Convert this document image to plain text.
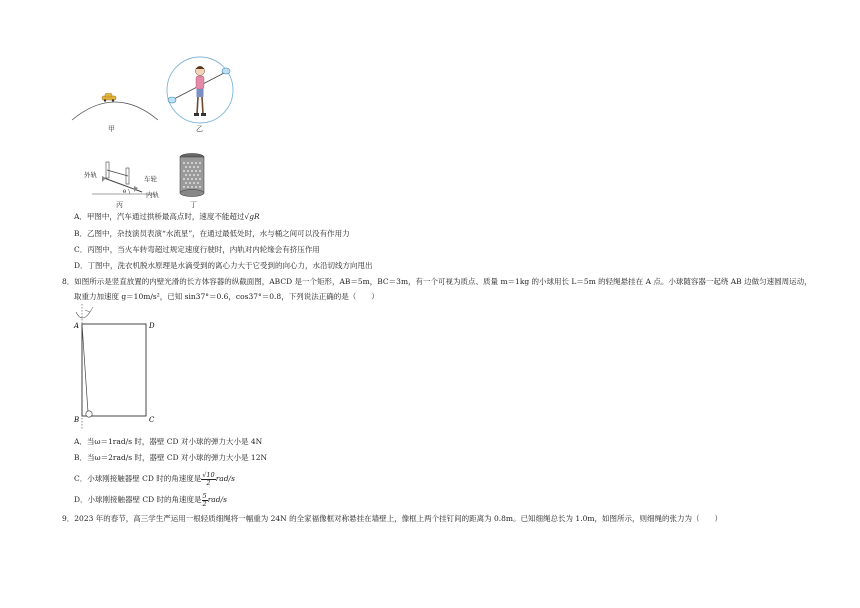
甲	乙
θ
外轨	车轮
内轨
丙	丁
A．甲图中，汽车通过拱桥最高点时，速度不能超过√gR
B．乙图中，杂技演员表演“水流星”，在通过最低处时，水与桶之间可以没有作用力
C．丙图中，当火车转弯超过规定速度行驶时，内轨对内轮缘会有挤压作用
D．丁图中，洗衣机脱水原理是水滴受到的离心力大于它受到的向心力，水沿切线方向甩出
8．如图所示是竖直放置的内壁光滑的长方体容器的纵截面图，ABCD 是一个矩形，AB＝5m，BC＝3m，有一个可视为质点、质量 m＝1kg 的小球用长 L＝5m 的轻绳悬挂在 A 点。小球随容器一起绕 AB 边做匀速圆周运动，
取重力加速度 g＝10m/s²，已知 sin37°＝0.6，cos37°＝0.8，下列说法正确的是（　　）
A	D
B	C
A．当ω＝1rad/s 时，器壁 CD 对小球的弹力大小是 4N
B．当ω＝2rad/s 时，器壁 CD 对小球的弹力大小是 12N
C．小球刚接触器壁 CD 时的角速度是 $\frac{√10}{2} rad/s$
D．小球刚接触器壁 CD 时的角速度是 $\frac{5}{2} rad/s$
9．2023 年的春节，高三学生严运用一根轻质细绳将一幅重为 24N 的全家福像框对称悬挂在墙壁上，像框上两个挂钉间的距离为 0.8m。已知细绳总长为 1.0m，如图所示，则细绳的张力为（　　）
